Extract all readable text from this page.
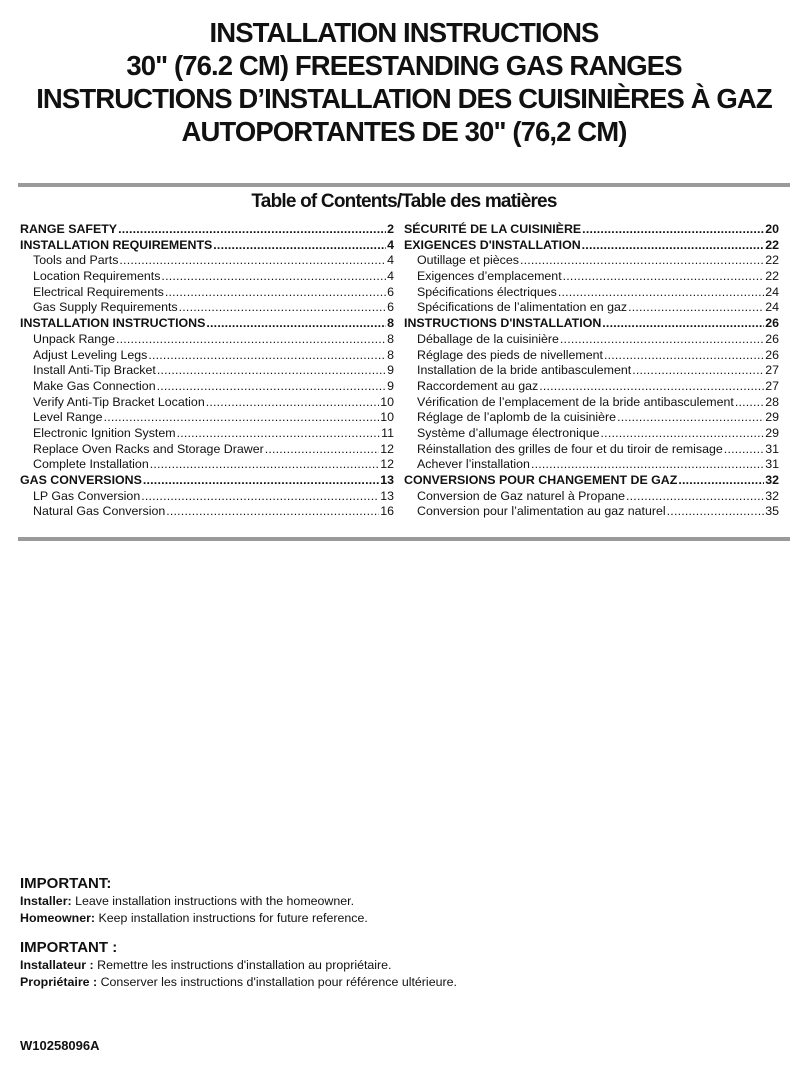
INSTALLATION INSTRUCTIONS
30" (76.2 CM) FREESTANDING GAS RANGES
INSTRUCTIONS D’INSTALLATION DES CUISINIÈRES À GAZ
AUTOPORTANTES DE 30" (76,2 CM)
Table of Contents/Table des matières
RANGE SAFETY .....	2
INSTALLATION REQUIREMENTS .....	4
Tools and Parts .....	4
Location Requirements .....	4
Electrical Requirements .....	6
Gas Supply Requirements .....	6
INSTALLATION INSTRUCTIONS .....	8
Unpack Range .....	8
Adjust Leveling Legs .....	8
Install Anti-Tip Bracket .....	9
Make Gas Connection .....	9
Verify Anti-Tip Bracket Location .....	10
Level Range .....	10
Electronic Ignition System .....	11
Replace Oven Racks and Storage Drawer .....	12
Complete Installation .....	12
GAS CONVERSIONS .....	13
LP Gas Conversion .....	13
Natural Gas Conversion .....	16
SÉCURITÉ DE LA CUISINIÈRE .....	20
EXIGENCES D'INSTALLATION .....	22
Outillage et pièces .....	22
Exigences d’emplacement .....	22
Spécifications électriques .....	24
Spécifications de l’alimentation en gaz .....	24
INSTRUCTIONS D'INSTALLATION .....	26
Déballage de la cuisinière .....	26
Réglage des pieds de nivellement .....	26
Installation de la bride antibasculement .....	27
Raccordement au gaz .....	27
Vérification de l’emplacement de la bride antibasculement .....	28
Réglage de l’aplomb de la cuisinière .....	29
Système d’allumage électronique .....	29
Réinstallation des grilles de four et du tiroir de remisage .....	31
Achever l’installation .....	31
CONVERSIONS POUR CHANGEMENT DE GAZ .....	32
Conversion de Gaz naturel à Propane .....	32
Conversion pour l’alimentation au gaz naturel .....	35
IMPORTANT:
Installer: Leave installation instructions with the homeowner.
Homeowner: Keep installation instructions for future reference.
IMPORTANT :
Installateur : Remettre les instructions d'installation au propriétaire.
Propriétaire : Conserver les instructions d'installation pour référence ultérieure.
W10258096A
